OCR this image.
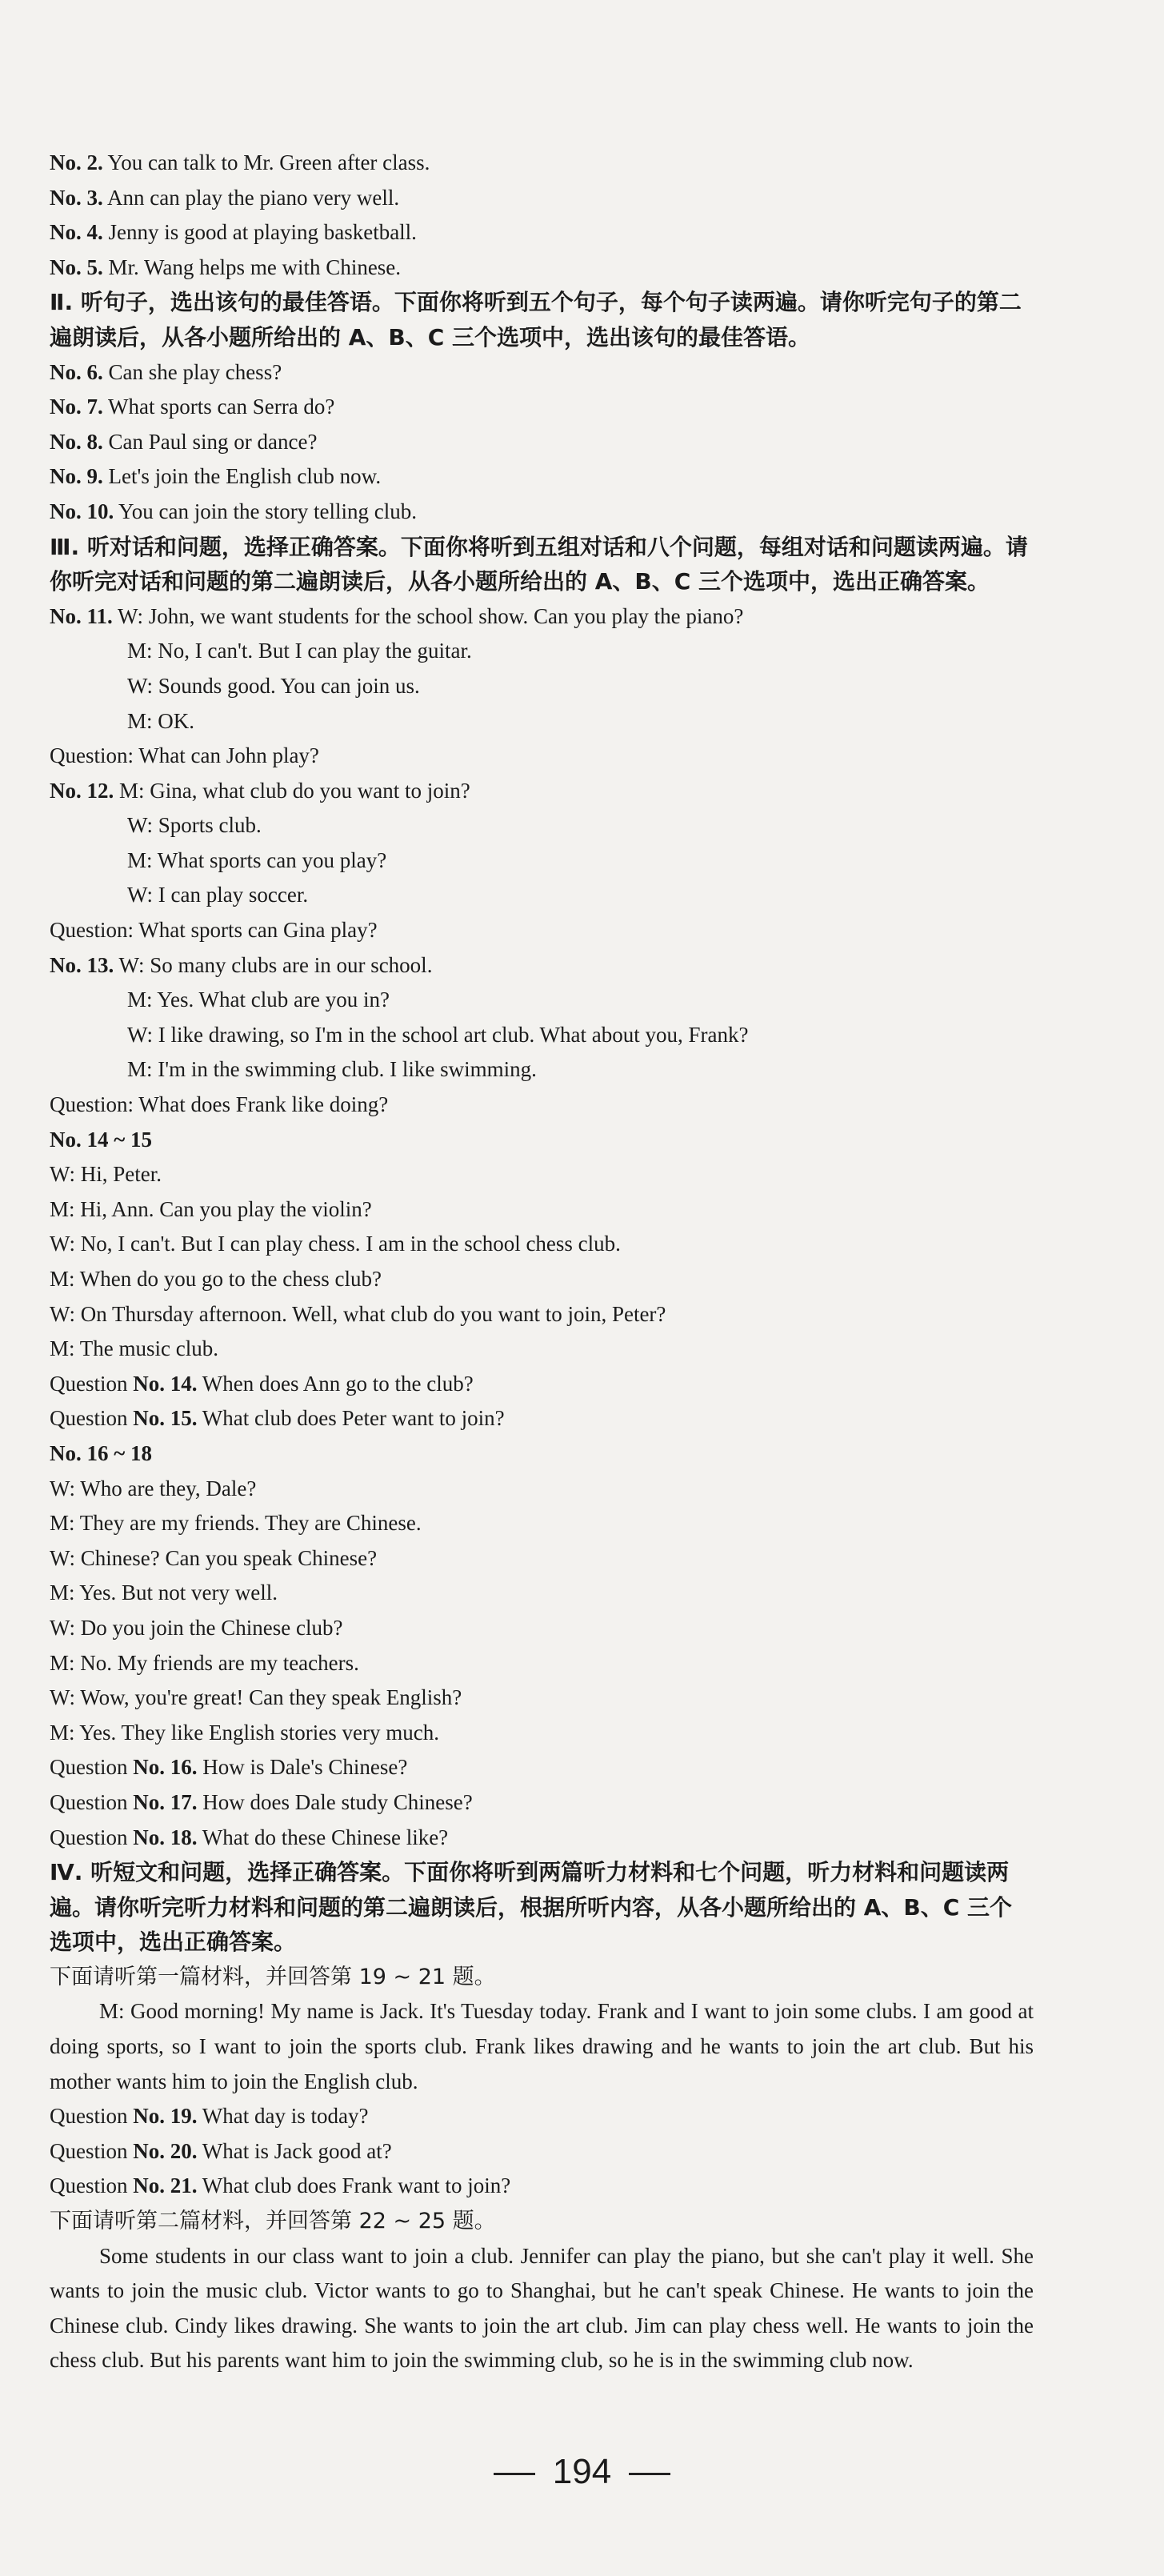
No. 2. You can talk to Mr. Green after class.
No. 3. Ann can play the piano very well.
No. 4. Jenny is good at playing basketball.
No. 5. Mr. Wang helps me with Chinese.
Ⅱ. 听句子，选出该句的最佳答语。下面你将听到五个句子，每个句子读两遍。请你听完句子的第二遍朗读后，从各小题所给出的 A、B、C 三个选项中，选出该句的最佳答语。
No. 6. Can she play chess?
No. 7. What sports can Serra do?
No. 8. Can Paul sing or dance?
No. 9. Let's join the English club now.
No. 10. You can join the story telling club.
Ⅲ. 听对话和问题，选择正确答案。下面你将听到五组对话和八个问题，每组对话和问题读两遍。请你听完对话和问题的第二遍朗读后，从各小题所给出的 A、B、C 三个选项中，选出正确答案。
No. 11. W: John, we want students for the school show. Can you play the piano?
M: No, I can't. But I can play the guitar.
W: Sounds good. You can join us.
M: OK.
Question: What can John play?
No. 12. M: Gina, what club do you want to join?
W: Sports club.
M: What sports can you play?
W: I can play soccer.
Question: What sports can Gina play?
No. 13. W: So many clubs are in our school.
M: Yes. What club are you in?
W: I like drawing, so I'm in the school art club. What about you, Frank?
M: I'm in the swimming club. I like swimming.
Question: What does Frank like doing?
No. 14 ~ 15
W: Hi, Peter.
M: Hi, Ann. Can you play the violin?
W: No, I can't. But I can play chess. I am in the school chess club.
M: When do you go to the chess club?
W: On Thursday afternoon. Well, what club do you want to join, Peter?
M: The music club.
Question No. 14. When does Ann go to the club?
Question No. 15. What club does Peter want to join?
No. 16 ~ 18
W: Who are they, Dale?
M: They are my friends. They are Chinese.
W: Chinese? Can you speak Chinese?
M: Yes. But not very well.
W: Do you join the Chinese club?
M: No. My friends are my teachers.
W: Wow, you're great! Can they speak English?
M: Yes. They like English stories very much.
Question No. 16. How is Dale's Chinese?
Question No. 17. How does Dale study Chinese?
Question No. 18. What do these Chinese like?
Ⅳ. 听短文和问题，选择正确答案。下面你将听到两篇听力材料和七个问题，听力材料和问题读两遍。请你听完听力材料和问题的第二遍朗读后，根据所听内容，从各小题所给出的 A、B、C 三个选项中，选出正确答案。
下面请听第一篇材料，并回答第 19 ~ 21 题。
M: Good morning! My name is Jack. It's Tuesday today. Frank and I want to join some clubs. I am good at doing sports, so I want to join the sports club. Frank likes drawing and he wants to join the art club. But his mother wants him to join the English club.
Question No. 19. What day is today?
Question No. 20. What is Jack good at?
Question No. 21. What club does Frank want to join?
下面请听第二篇材料，并回答第 22 ~ 25 题。
Some students in our class want to join a club. Jennifer can play the piano, but she can't play it well. She wants to join the music club. Victor wants to go to Shanghai, but he can't speak Chinese. He wants to join the Chinese club. Cindy likes drawing. She wants to join the art club. Jim can play chess well. He wants to join the chess club. But his parents want him to join the swimming club, so he is in the swimming club now.
194
